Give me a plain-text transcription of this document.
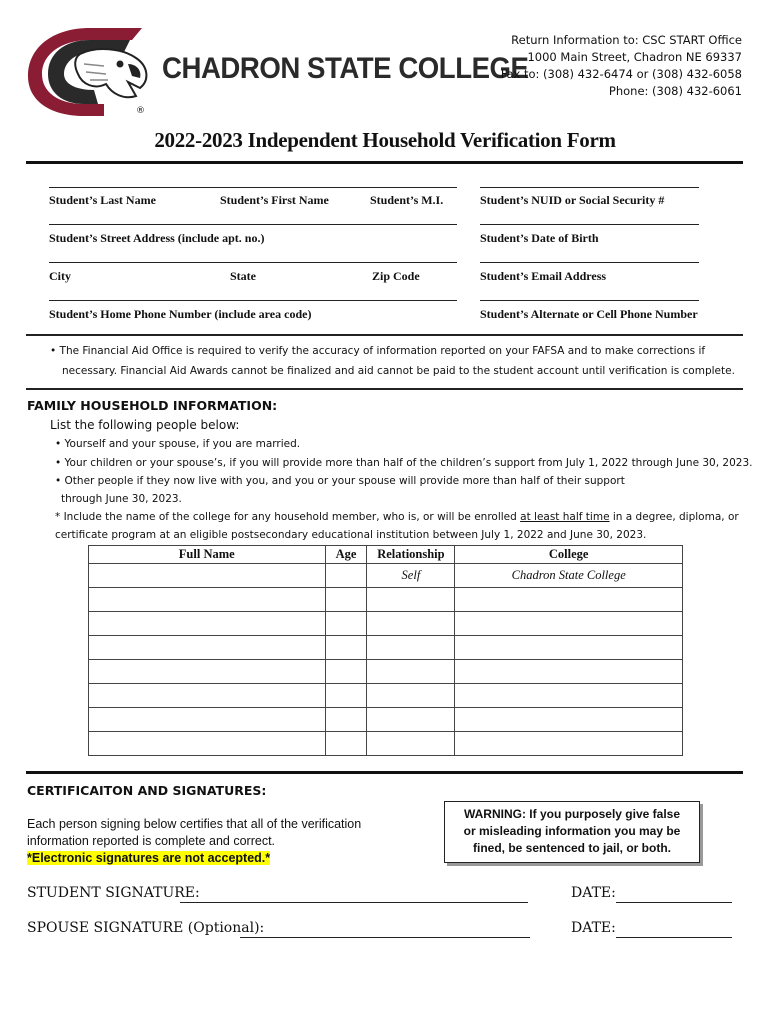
®
CHADRON STATE COLLEGE

Return Information to: CSC START Office

1000 Main Street, Chadron NE 69337

Fax to: (308) 432-6474 or (308) 432-6058

Phone: (308) 432-6061

2022-2023 Independent Household Verification Form
Student’s Last Name	Student’s First Name	Student’s M.I.	Student’s NUID or Social Security #
Student’s Street Address (include apt. no.)	Student’s Date of Birth
City	State	Zip Code	Student’s Email Address
Student’s Home Phone Number (include area code)	Student’s Alternate or Cell Phone Number
• The Financial Aid Office is required to verify the accuracy of information reported on your FAFSA and to make corrections if
necessary. Financial Aid Awards cannot be finalized and aid cannot be paid to the student account until verification is complete.
FAMILY HOUSEHOLD INFORMATION:
List the following people below:
• Yourself and your spouse, if you are married.
• Your children or your spouse’s, if you will provide more than half of the children’s support from July 1, 2022 through June 30, 2023.
• Other people if they now live with you, and you or your spouse will provide more than half of their support
through June 30, 2023.
* Include the name of the college for any household member, who is, or will be enrolled at least half time in a degree, diploma, or
certificate program at an eligible postsecondary educational institution between July 1, 2022 and June 30, 2023.
Full Name	Age	Relationship	College
		Self	Chadron State College

CERTIFICAITON AND SIGNATURES:
Each person signing below certifies that all of the verification
information reported is complete and correct.
*Electronic signatures are not accepted.*
WARNING: If you purposely give false
or misleading information you may be
fined, be sentenced to jail, or both.
STUDENT SIGNATURE:	DATE:
SPOUSE SIGNATURE (Optional):	DATE:
